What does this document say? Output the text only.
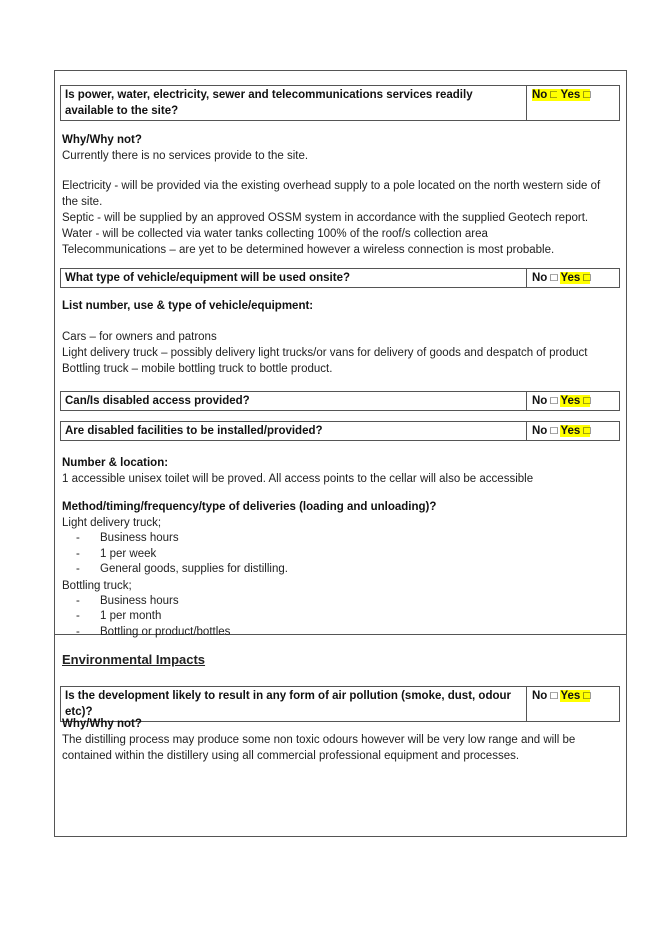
Is power, water, electricity, sewer and telecommunications services readily available to the site?
No □ Yes □
Why/Why not?
Currently there is no services provide to the site.
Electricity - will be provided via the existing overhead supply to a pole located on the north western side of the site.
Septic - will be supplied by an approved OSSM system in accordance with the supplied Geotech report.
Water - will be collected via water tanks collecting 100% of the roof/s collection area
Telecommunications – are yet to be determined however a wireless connection is most probable.
What type of vehicle/equipment will be used onsite?	No □ Yes □
List number, use & type of vehicle/equipment:
Cars – for owners and patrons
Light delivery truck – possibly delivery light trucks/or vans for delivery of goods and despatch of product
Bottling truck – mobile bottling truck to bottle product.
Can/Is disabled access provided?	No □ Yes □
Are disabled facilities to be installed/provided?	No □ Yes □
Number & location:
1 accessible unisex toilet will be proved. All access points to the cellar will also be accessible
Method/timing/frequency/type of deliveries (loading and unloading)?
Light delivery truck;
- Business hours
- 1 per week
- General goods, supplies for distilling.
Bottling truck;
- Business hours
- 1 per month
- Bottling or product/bottles
Environmental Impacts
Is the development likely to result in any form of air pollution (smoke, dust, odour etc)?
No □ Yes □
Why/Why not?
The distilling process may produce some non toxic odours however will be very low range and will be contained within the distillery using all commercial professional equipment and processes.
